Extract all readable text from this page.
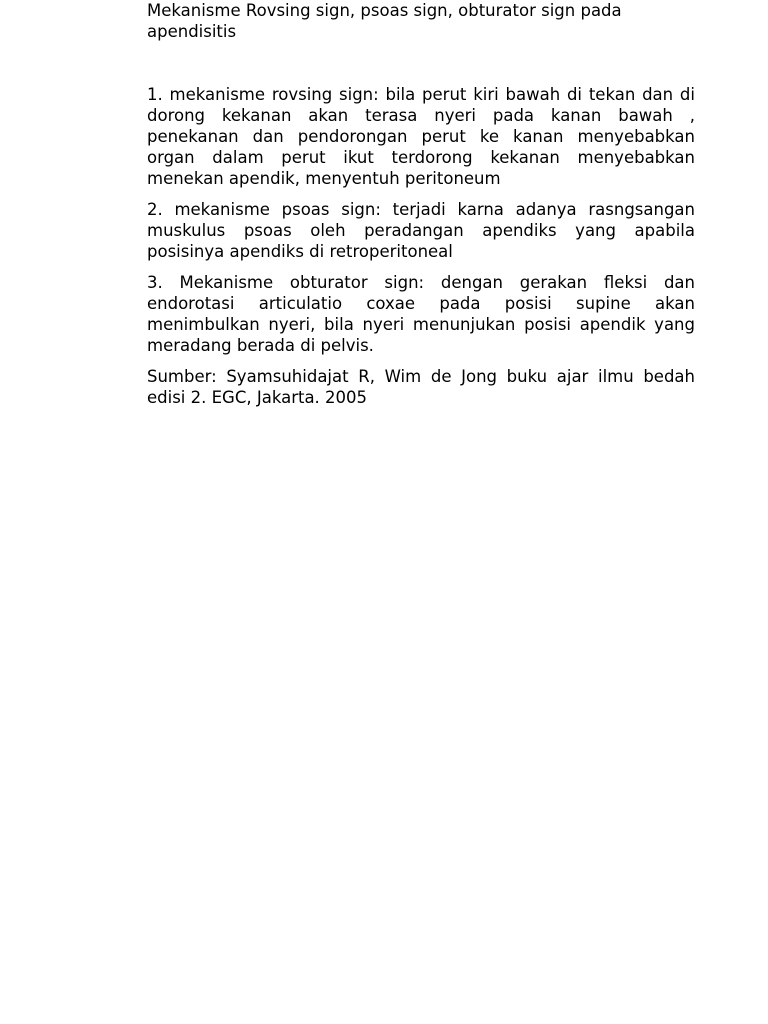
Mekanisme Rovsing sign, psoas sign, obturator sign pada apendisitis

1. mekanisme rovsing sign: bila perut kiri bawah di tekan dan di dorong kekanan akan terasa nyeri pada kanan bawah , penekanan dan pendorongan perut ke kanan menyebabkan organ dalam perut ikut terdorong kekanan menyebabkan menekan apendik, menyentuh peritoneum

2. mekanisme psoas sign: terjadi karna adanya rasngsangan muskulus psoas oleh peradangan apendiks yang apabila posisinya apendiks di retroperitoneal

3. Mekanisme obturator sign: dengan gerakan fleksi dan endorotasi articulatio coxae pada posisi supine akan menimbulkan nyeri, bila nyeri menunjukan posisi apendik yang meradang berada di pelvis.

Sumber: Syamsuhidajat R, Wim de Jong buku ajar ilmu bedah edisi 2. EGC, Jakarta. 2005
